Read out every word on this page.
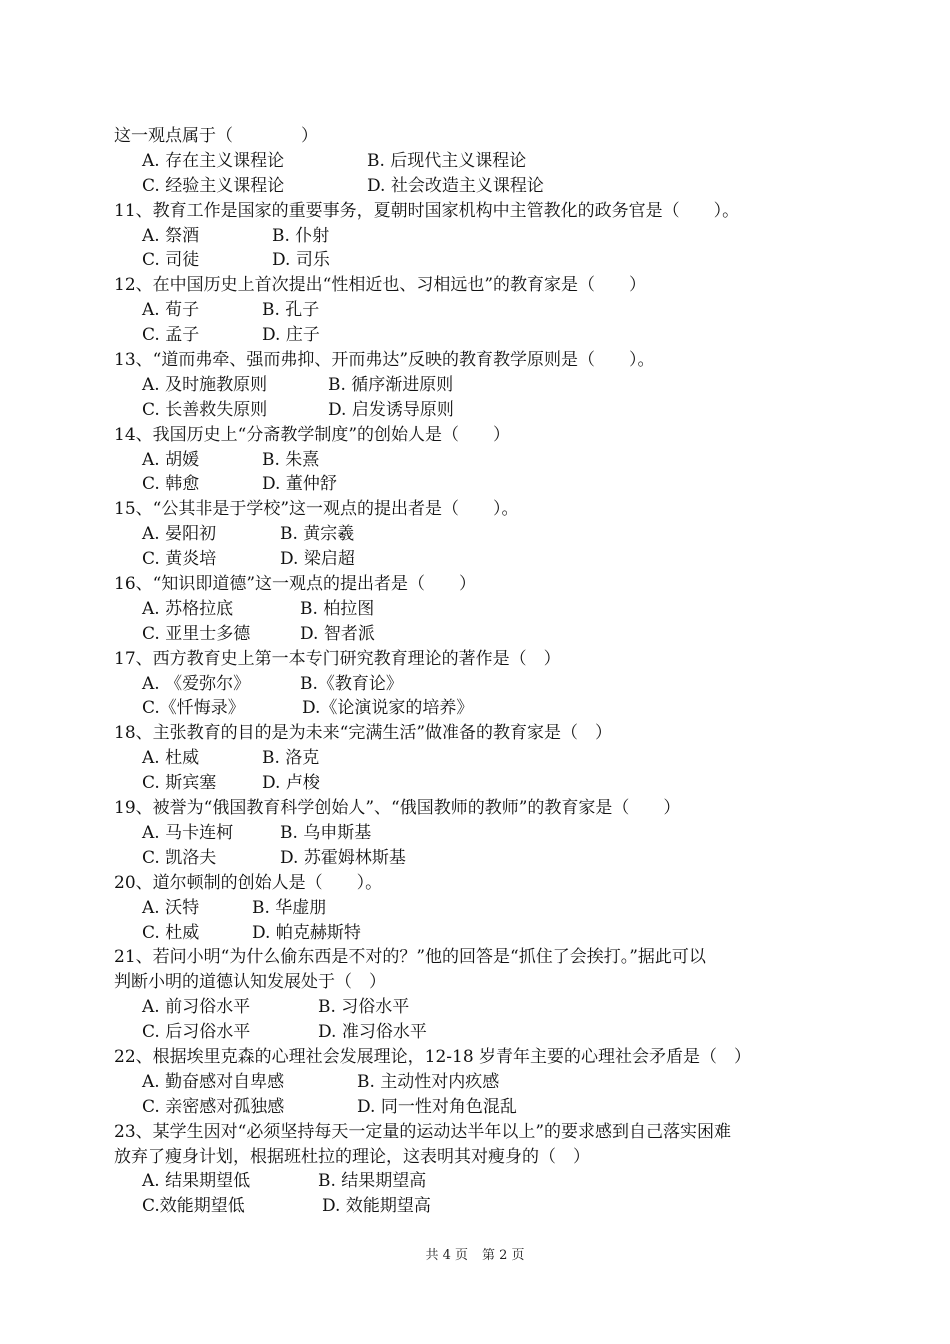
这一观点属于（　　　　）
A. 存在主义课程论	B. 后现代主义课程论
C. 经验主义课程论	D. 社会改造主义课程论
11、教育工作是国家的重要事务，夏朝时国家机构中主管教化的政务官是（　　）。
A. 祭酒	B. 仆射
C. 司徒	D. 司乐
12、在中国历史上首次提出“性相近也、习相远也”的教育家是（　　）
A. 荀子	B. 孔子
C. 孟子	D. 庄子
13、“道而弗牵、强而弗抑、开而弗达”反映的教育教学原则是（　　）。
A. 及时施教原则	B. 循序渐进原则
C. 长善救失原则	D. 启发诱导原则
14、我国历史上“分斋教学制度”的创始人是（　　）
A. 胡媛	B. 朱熹
C. 韩愈	D. 董仲舒
15、“公其非是于学校”这一观点的提出者是（　　）。
A. 晏阳初	B. 黄宗羲
C. 黄炎培	D. 梁启超
16、“知识即道德”这一观点的提出者是（　　）
A. 苏格拉底	B. 柏拉图
C. 亚里士多德	D. 智者派
17、西方教育史上第一本专门研究教育理论的著作是（　）
A. 《爱弥尔》	B.《教育论》
C.《忏悔录》	D.《论演说家的培养》
18、主张教育的目的是为未来“完满生活”做准备的教育家是（　）
A. 杜威	B. 洛克
C. 斯宾塞	D. 卢梭
19、被誉为“俄国教育科学创始人”、“俄国教师的教师”的教育家是（　　）
A. 马卡连柯	B. 乌申斯基
C. 凯洛夫	D. 苏霍姆林斯基
20、道尔顿制的创始人是（　　）。
A. 沃特	B. 华虚朋
C. 杜威	D. 帕克赫斯特
21、若问小明“为什么偷东西是不对的？”他的回答是“抓住了会挨打。”据此可以
判断小明的道德认知发展处于（　）
A. 前习俗水平	B. 习俗水平
C. 后习俗水平	D. 准习俗水平
22、根据埃里克森的心理社会发展理论，12-18 岁青年主要的心理社会矛盾是（　）
A. 勤奋感对自卑感	B. 主动性对内疚感
C. 亲密感对孤独感	D. 同一性对角色混乱
23、某学生因对“必须坚持每天一定量的运动达半年以上”的要求感到自己落实困难
放弃了瘦身计划，根据班杜拉的理论，这表明其对瘦身的（　）
A. 结果期望低	B. 结果期望高
C.效能期望低	D. 效能期望高
共 4 页 第 2 页
